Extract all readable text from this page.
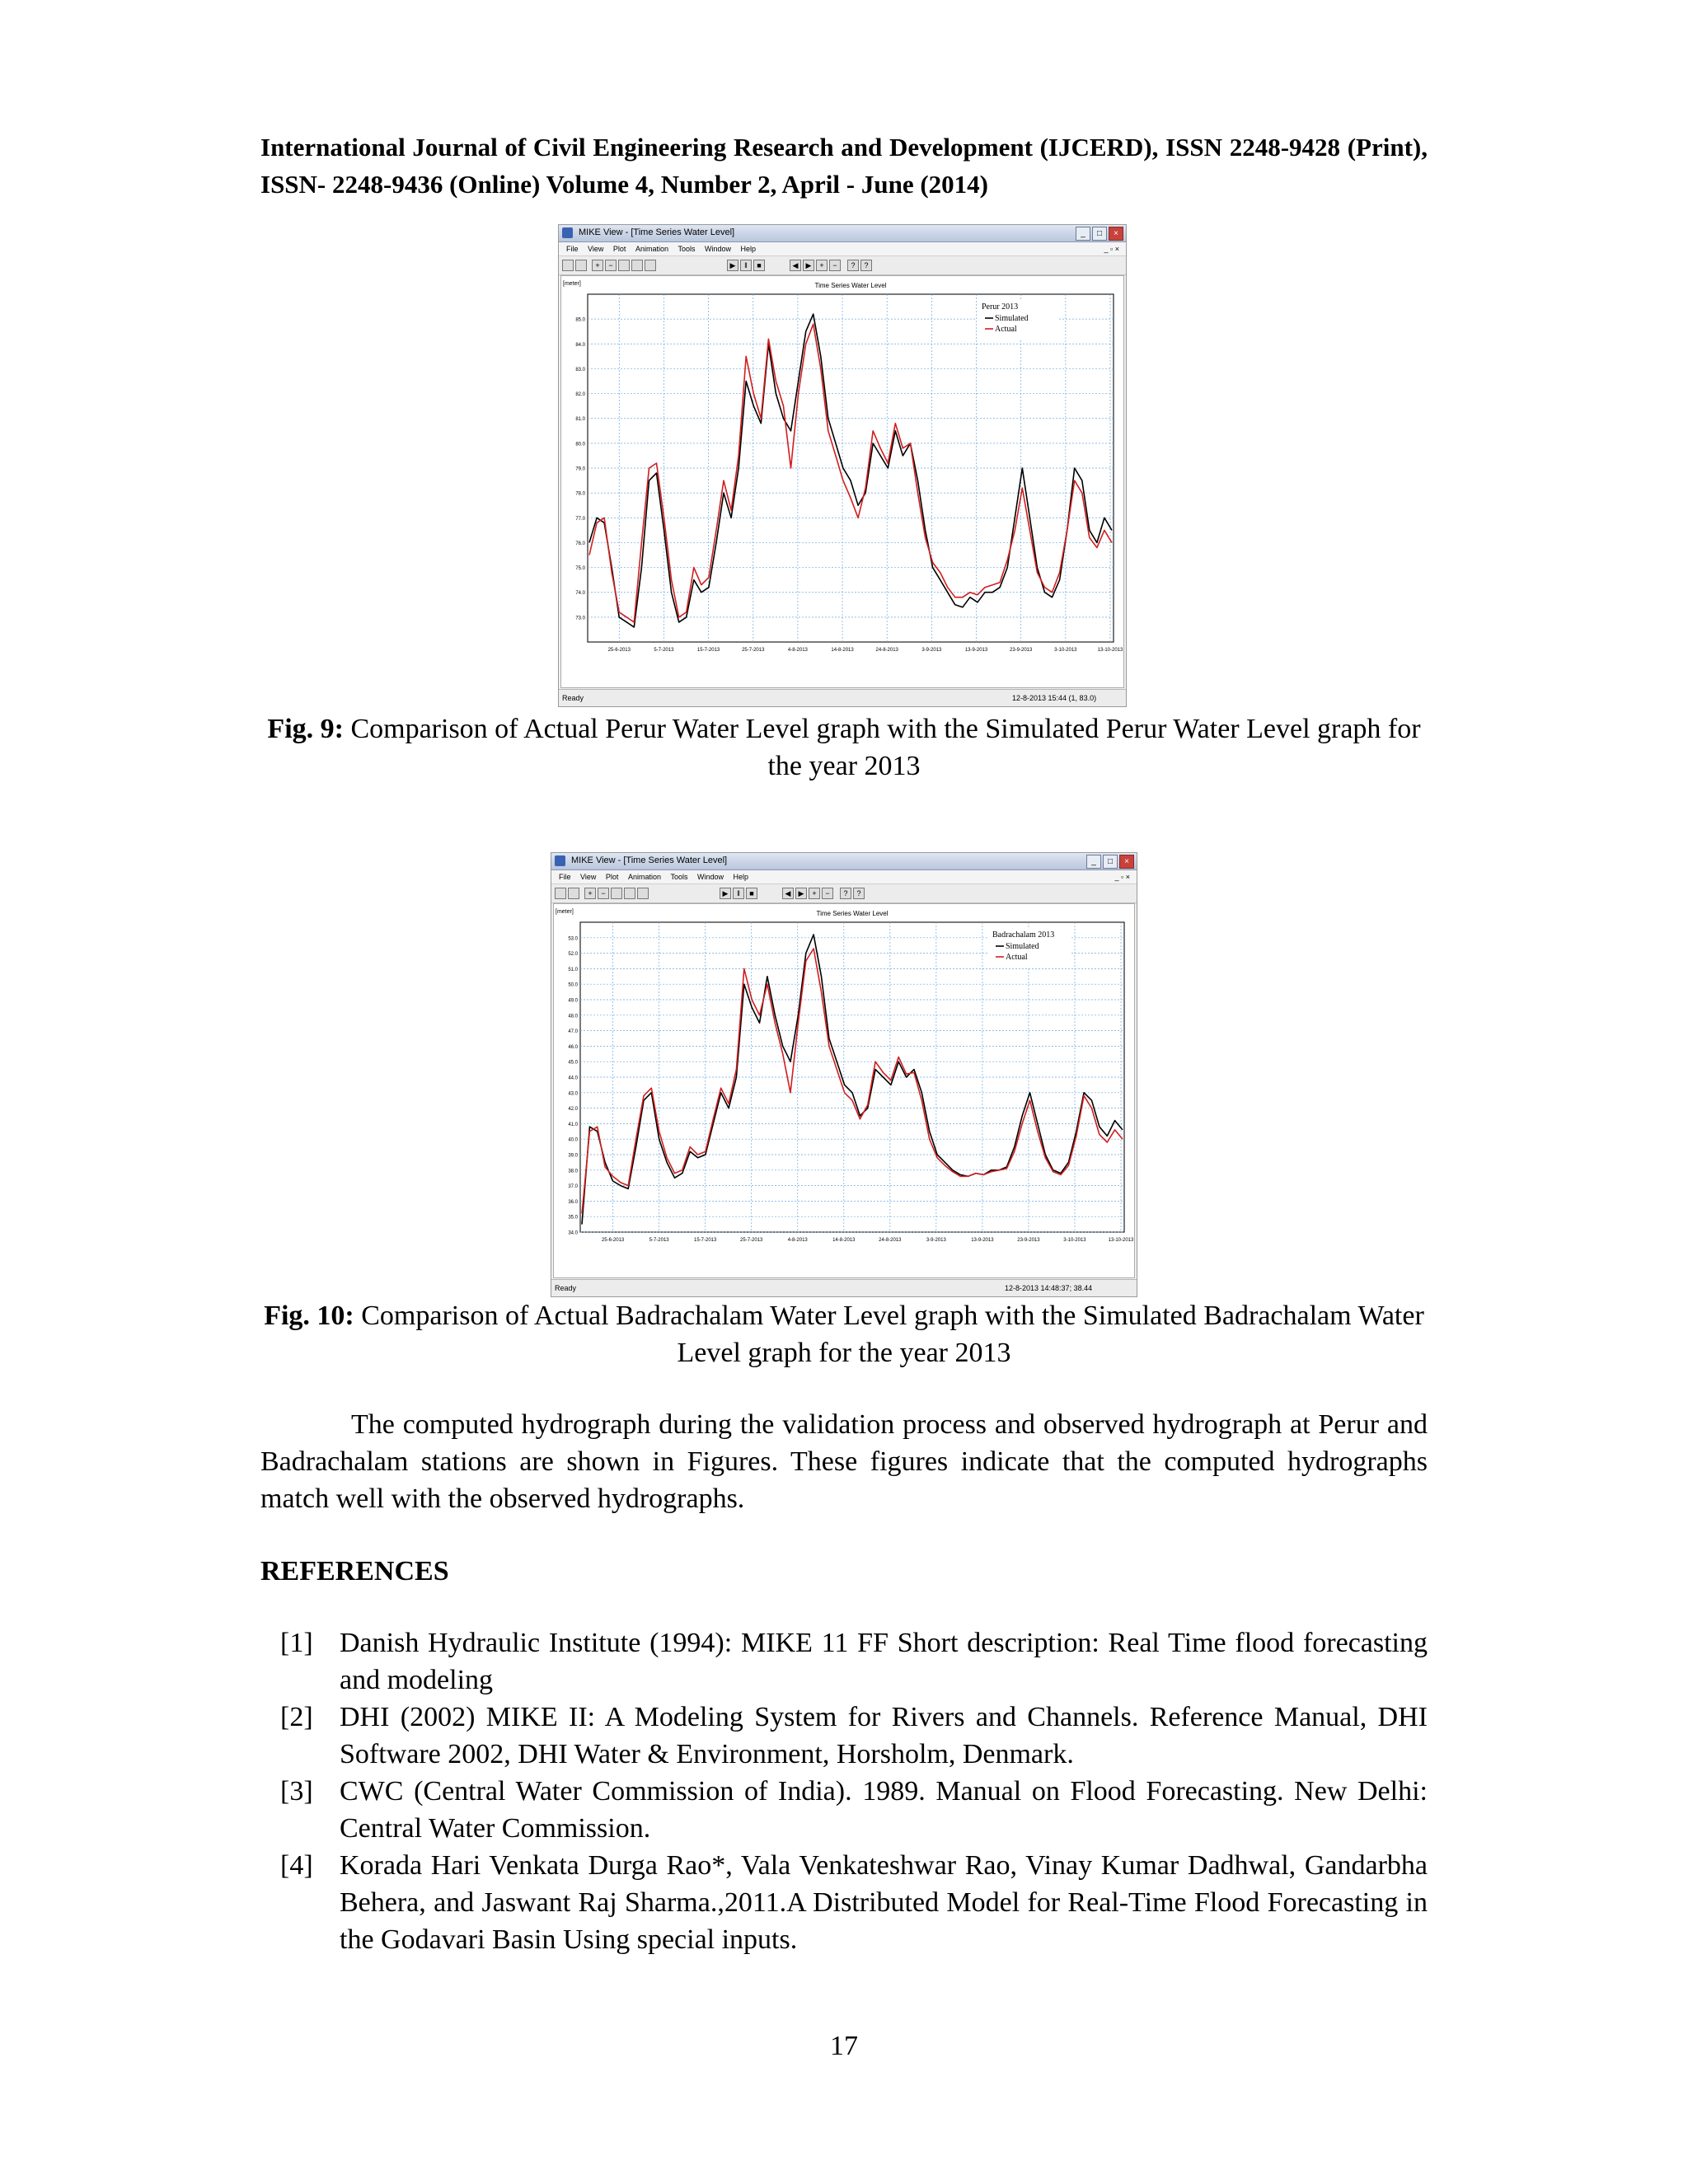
International Journal of Civil Engineering Research and Development (IJCERD), ISSN 2248-9428 (Print), ISSN- 2248-9436 (Online) Volume 4, Number 2, April - June (2014)
MIKE View - [Time Series Water Level]	_	□	×
File View Plot Animation Tools Window Help	_ ▫ ×
+	−	▶	‖	■	◀	▶	+	−	?	?
Time Series Water Level
[meter]
85.0
84.0
83.0
82.0
81.0
80.0
79.0
78.0
77.0
76.0
75.0
74.0
73.0
25-6-2013	5-7-2013	15-7-2013	25-7-2013	4-8-2013	14-8-2013	24-8-2013	3-9-2013	13-9-2013	23-9-2013	3-10-2013	13-10-2013
Perur 2013
Simulated
Actual
Ready	12-8-2013 15:44 (1, 83.0)
Fig. 9: Comparison of Actual Perur Water Level graph with the Simulated Perur Water Level graph for the year 2013
MIKE View - [Time Series Water Level]	_	□	×
File View Plot Animation Tools Window Help	_ ▫ ×
+	−	▶	‖	■	◀	▶	+	−	?	?
Time Series Water Level
[meter]
53.0
52.0
51.0
50.0
49.0
48.0
47.0
46.0
45.0
44.0
43.0
42.0
41.0
40.0
39.0
38.0
37.0
36.0
35.0
34.0
25-6-2013	5-7-2013	15-7-2013	25-7-2013	4-8-2013	14-8-2013	24-8-2013	3-9-2013	13-9-2013	23-9-2013	3-10-2013	13-10-2013
Badrachalam 2013
Simulated
Actual
Ready	12-8-2013 14:48:37; 38.44
Fig. 10: Comparison of Actual Badrachalam Water Level graph with the Simulated Badrachalam Water Level graph for the year 2013
The computed hydrograph during the validation process and observed hydrograph at Perur and Badrachalam stations are shown in Figures. These figures indicate that the computed hydrographs match well with the observed hydrographs.
REFERENCES
[1] Danish Hydraulic Institute (1994): MIKE 11 FF Short description: Real Time flood forecasting and modeling
[2] DHI (2002) MIKE II: A Modeling System for Rivers and Channels. Reference Manual, DHI Software 2002, DHI Water & Environment, Horsholm, Denmark.
[3] CWC (Central Water Commission of India). 1989. Manual on Flood Forecasting. New Delhi: Central Water Commission.
[4] Korada Hari Venkata Durga Rao*, Vala Venkateshwar Rao, Vinay Kumar Dadhwal, Gandarbha Behera, and Jaswant Raj Sharma.,2011.A Distributed Model for Real-Time Flood Forecasting in the Godavari Basin Using special inputs.
17
